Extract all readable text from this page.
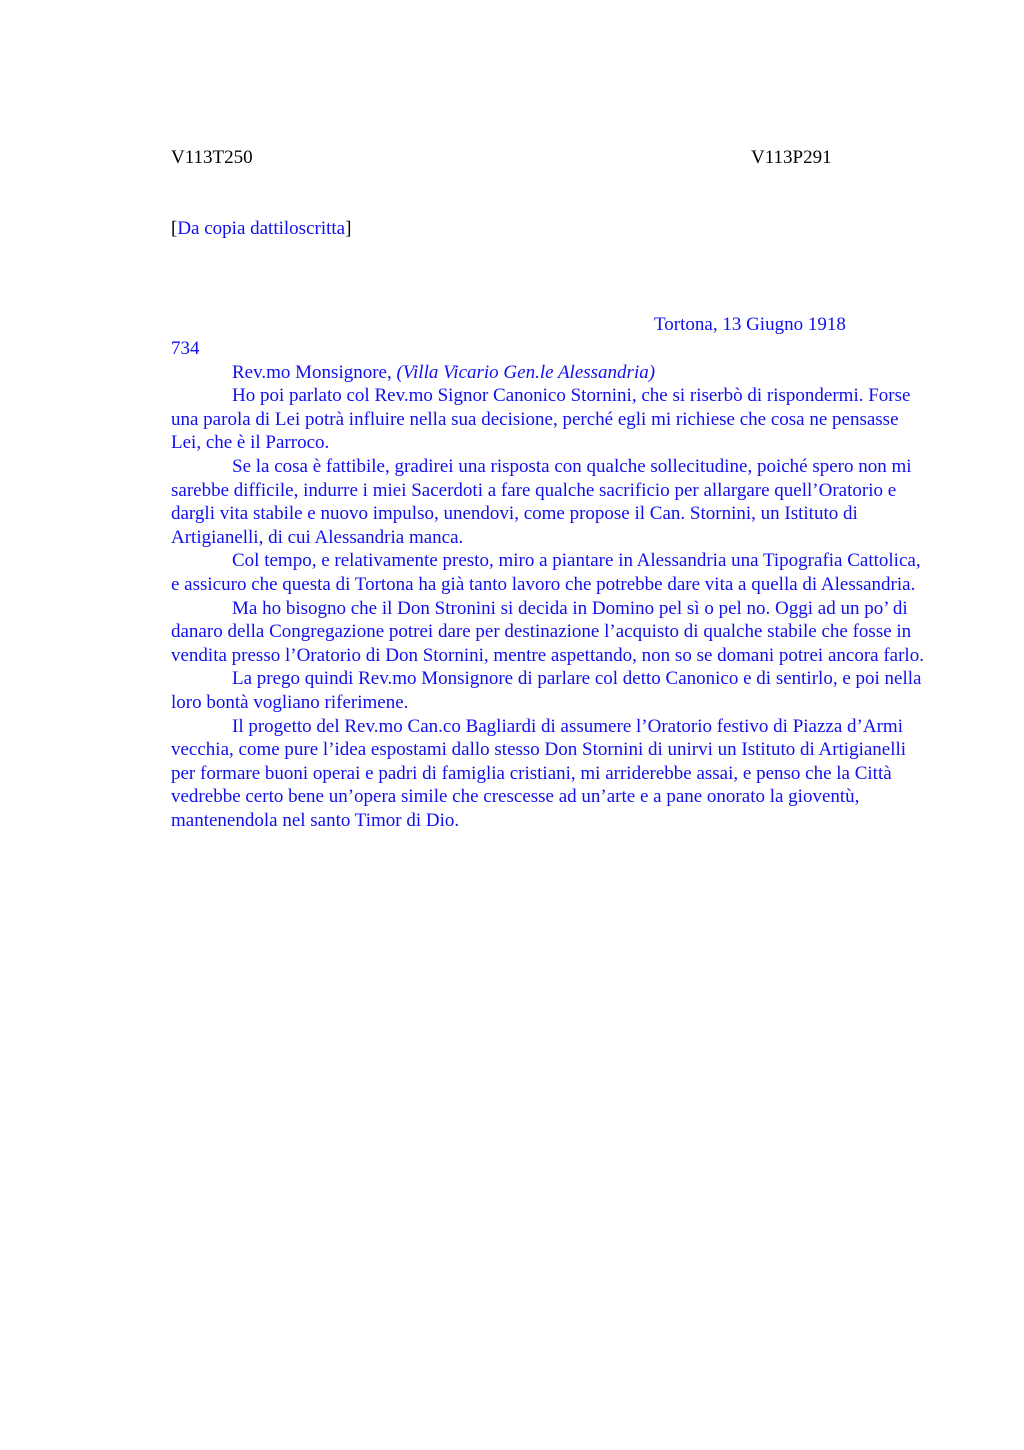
V113T250	V113P291
[Da copia dattiloscritta]
Tortona, 13 Giugno 1918

734

Rev.mo Monsignore, (Villa Vicario Gen.le Alessandria)

Ho poi parlato col Rev.mo Signor Canonico Stornini, che si riserbò di rispondermi. Forse una parola di Lei potrà influire nella sua decisione, perché egli mi richiese che cosa ne pensasse Lei, che è il Parroco.

Se la cosa è fattibile, gradirei una risposta con qualche sollecitudine, poiché spero non mi sarebbe difficile, indurre i miei Sacerdoti a fare qualche sacrificio per allargare quell’Oratorio e dargli vita stabile e nuovo impulso, unendovi, come propose il Can. Stornini, un Istituto di Artigianelli, di cui Alessandria manca.

Col tempo, e relativamente presto, miro a piantare in Alessandria una Tipografia Cattolica, e assicuro che questa di Tortona ha già tanto lavoro che potrebbe dare vita a quella di Alessandria.

Ma ho bisogno che il Don Stronini si decida in Domino pel sì o pel no. Oggi ad un po’ di danaro della Congregazione potrei dare per destinazione l’acquisto di qualche stabile che fosse in vendita presso l’Oratorio di Don Stornini, mentre aspettando, non so se domani potrei ancora farlo.

La prego quindi Rev.mo Monsignore di parlare col detto Canonico e di sentirlo, e poi nella loro bontà vogliano riferimene.

Il progetto del Rev.mo Can.co Bagliardi di assumere l’Oratorio festivo di Piazza d’Armi vecchia, come pure l’idea espostami dallo stesso Don Stornini di unirvi un Istituto di Artigianelli per formare buoni operai e padri di famiglia cristiani, mi arriderebbe assai, e penso che la Città vedrebbe certo bene un’opera simile che crescesse ad un’arte e a pane onorato la gioventù, mantenendola nel santo Timor di Dio.
